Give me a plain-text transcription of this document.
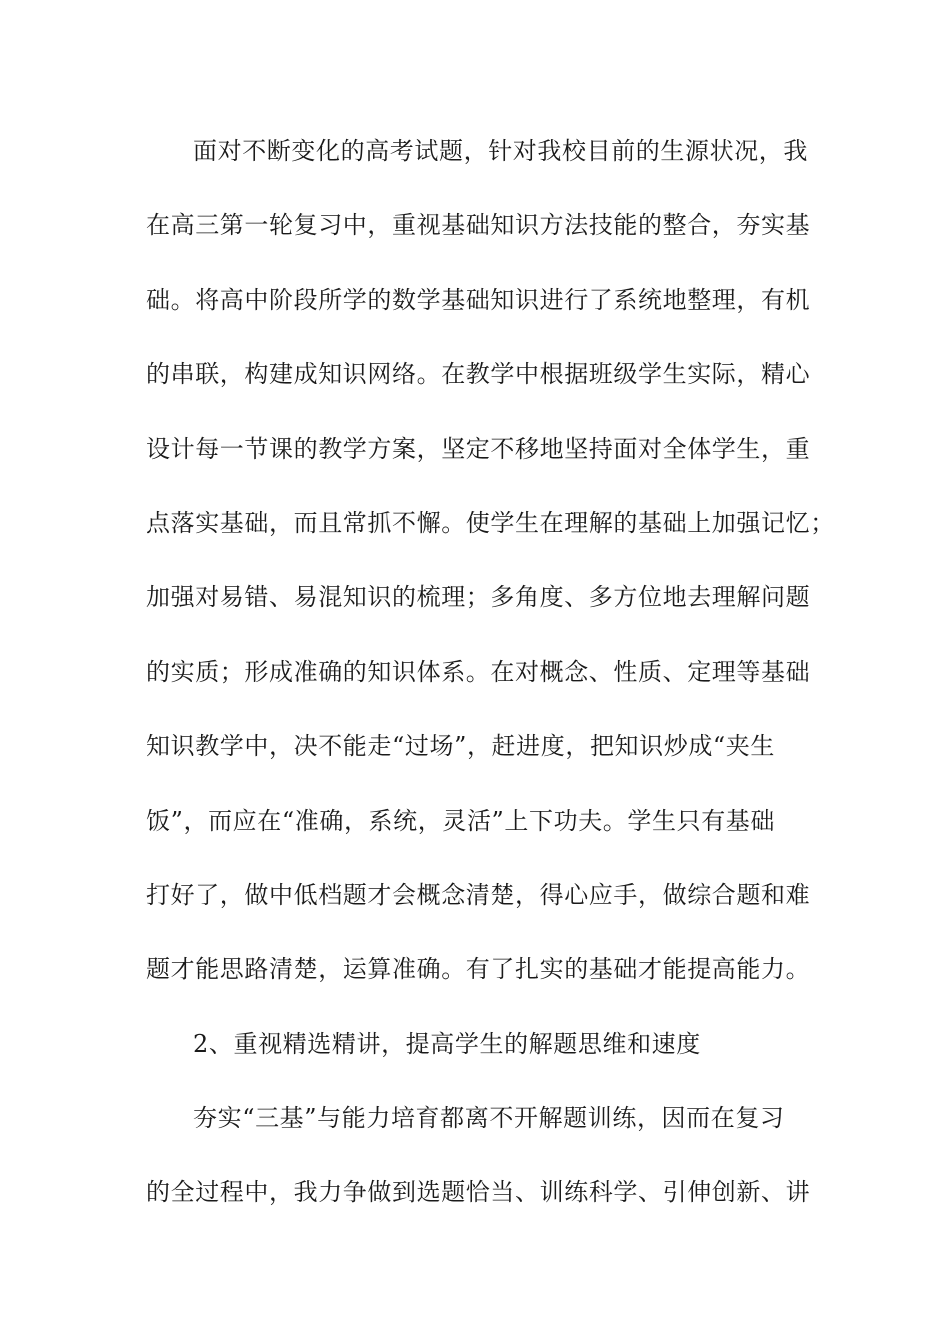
面对不断变化的高考试题，针对我校目前的生源状况，我
在高三第一轮复习中，重视基础知识方法技能的整合，夯实基
础。将高中阶段所学的数学基础知识进行了系统地整理，有机
的串联，构建成知识网络。在教学中根据班级学生实际，精心
设计每一节课的教学方案，坚定不移地坚持面对全体学生，重
点落实基础，而且常抓不懈。使学生在理解的基础上加强记忆；
加强对易错、易混知识的梳理；多角度、多方位地去理解问题
的实质；形成准确的知识体系。在对概念、性质、定理等基础
知识教学中，决不能走“过场”，赶进度，把知识炒成“夹生
饭”，而应在“准确，系统，灵活”上下功夫。学生只有基础
打好了，做中低档题才会概念清楚，得心应手，做综合题和难
题才能思路清楚，运算准确。有了扎实的基础才能提高能力。
2、重视精选精讲，提高学生的解题思维和速度
夯实“三基”与能力培育都离不开解题训练，因而在复习
的全过程中，我力争做到选题恰当、训练科学、引伸创新、讲
